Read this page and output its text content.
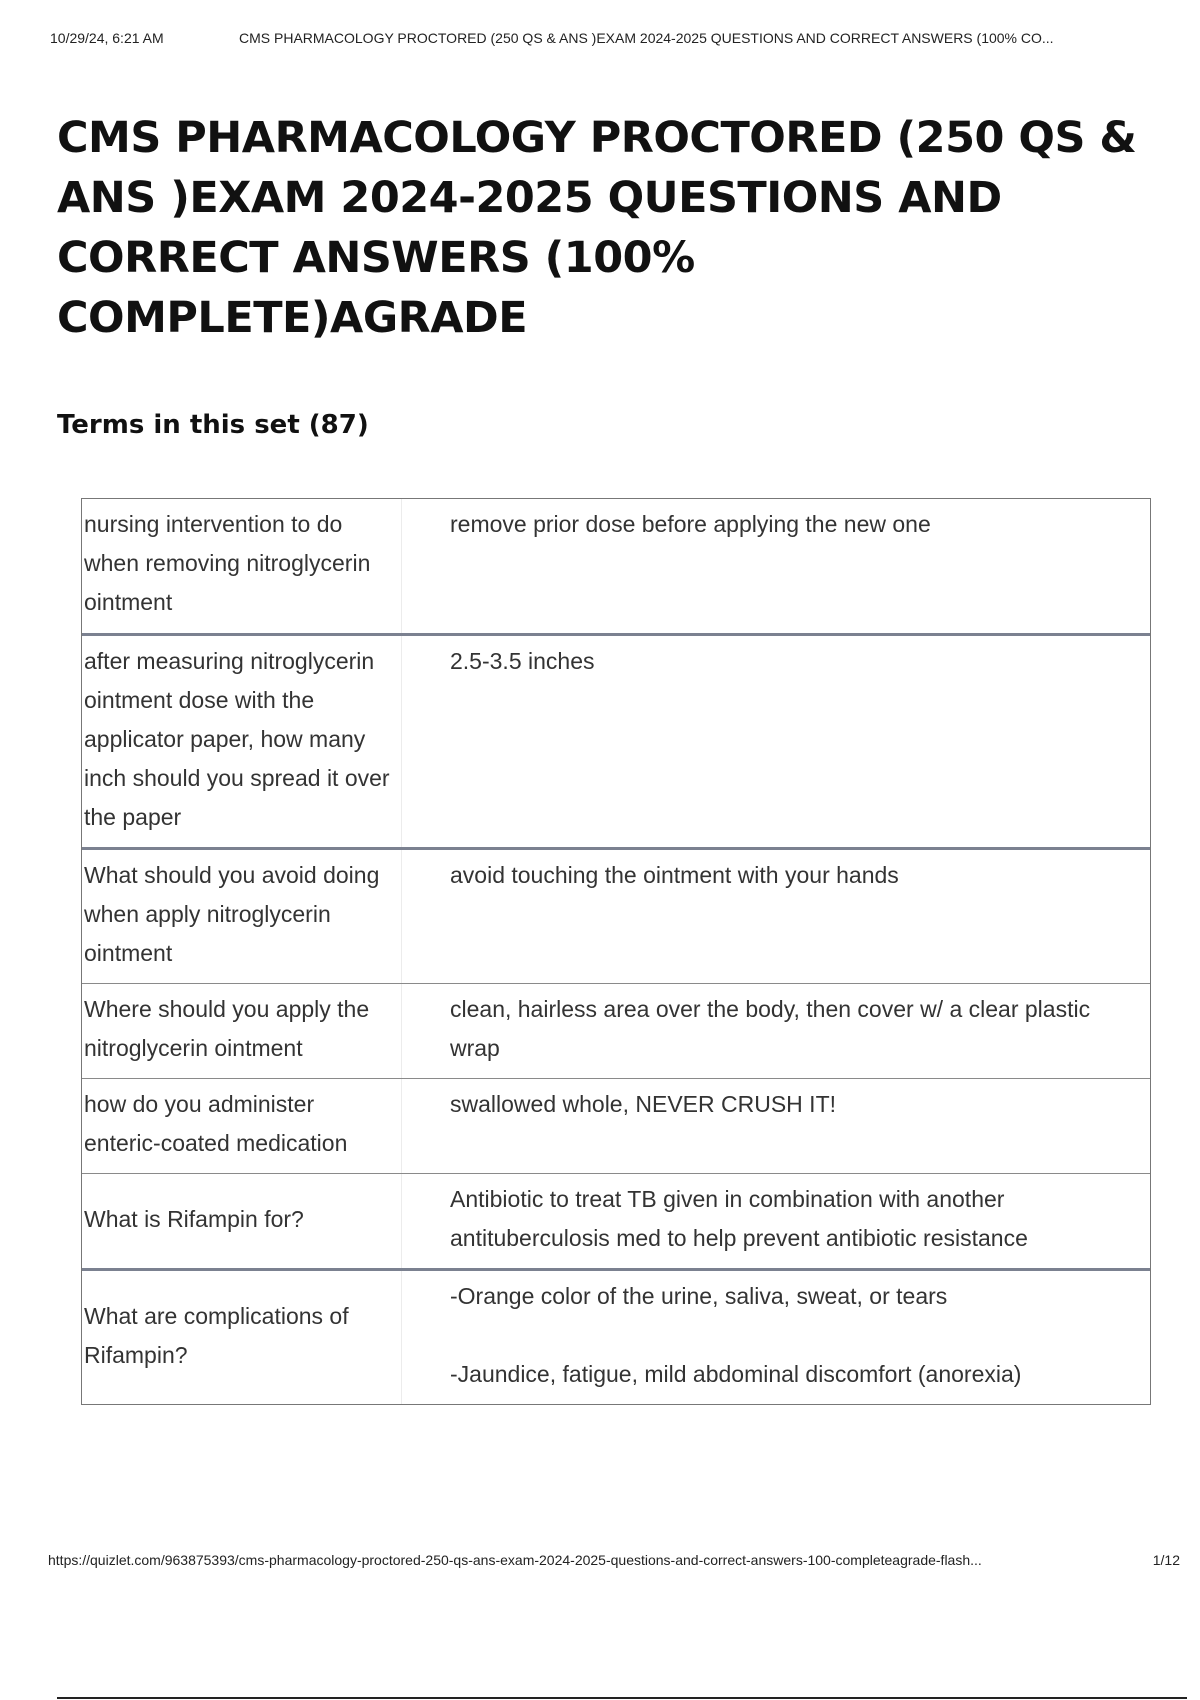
10/29/24, 6:21 AM	CMS PHARMACOLOGY PROCTORED (250 QS & ANS )EXAM 2024-2025 QUESTIONS AND CORRECT ANSWERS (100% CO...
CMS PHARMACOLOGY PROCTORED (250 QS &
ANS )EXAM 2024-2025 QUESTIONS AND
CORRECT ANSWERS (100% COMPLETE)AGRADE
Terms in this set (87)
nursing intervention to do when removing nitroglycerin ointment
remove prior dose before applying the new one
after measuring nitroglycerin ointment dose with the applicator paper, how many inch should you spread it over the paper
2.5-3.5 inches
What should you avoid doing when apply nitroglycerin ointment
avoid touching the ointment with your hands
Where should you apply the nitroglycerin ointment
clean, hairless area over the body, then cover w/ a clear plastic wrap
how do you administer enteric-coated medication
swallowed whole, NEVER CRUSH IT!
What is Rifampin for?
Antibiotic to treat TB given in combination with another antituberculosis med to help prevent antibiotic resistance
What are complications of Rifampin?
-Orange color of the urine, saliva, sweat, or tears
-Jaundice, fatigue, mild abdominal discomfort (anorexia)
https://quizlet.com/963875393/cms-pharmacology-proctored-250-qs-ans-exam-2024-2025-questions-and-correct-answers-100-completeagrade-flash...	1/12
